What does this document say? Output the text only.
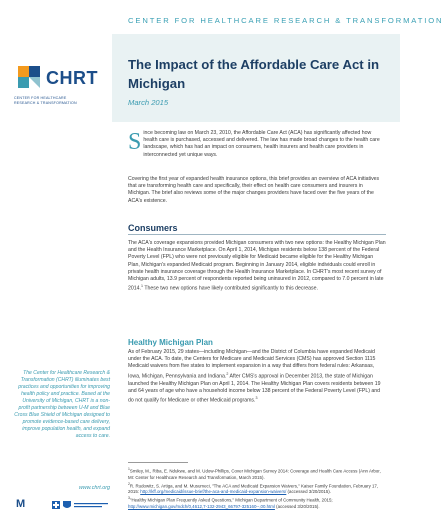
CENTER FOR HEALTHCARE RESEARCH & TRANSFORMATION
CHRT
CENTER FOR HEALTHCARE
RESEARCH & TRANSFORMATION
The Impact of the Affordable Care Act in Michigan
March 2015
Since becoming law on March 23, 2010, the Affordable Care Act (ACA) has significantly affected how health care is purchased, accessed and delivered. The law has made broad changes to the health care landscape, which has had an impact on consumers, health insurers and health care providers in interconnected yet unique ways.
Covering the first year of expanded health insurance options, this brief provides an overview of ACA initiatives that are transforming health care and specifically, their effect on health care consumers and insurers in Michigan. The brief also reviews some of the major changes providers have faced over the five years of the ACA's existence.
Consumers
The ACA's coverage expansions provided Michigan consumers with two new options: the Healthy Michigan Plan and the Health Insurance Marketplace. On April 1, 2014, Michigan residents below 138 percent of the Federal Poverty Level (FPL) who were not previously eligible for Medicaid became eligible for the Healthy Michigan Plan, Michigan's expanded Medicaid program. Beginning in January 2014, eligible individuals could enroll in private health insurance coverage through the Health Insurance Marketplace. In CHRT's most recent survey of Michigan adults, 13.9 percent of respondents reported being uninsured in 2012, compared to 7.0 percent in late 2014.$^1$ These two new options have likely contributed significantly to this decrease.
Healthy Michigan Plan
As of February 2015, 29 states—including Michigan—and the District of Columbia have expanded Medicaid under the ACA. To date, the Centers for Medicare and Medicaid Services (CMS) has approved Section 1115 Medicaid waivers from five states to implement expansion in a way that differs from federal rules: Arkansas, Iowa, Michigan, Pennsylvania and Indiana.$^2$ After CMS's approval in December 2013, the state of Michigan launched the Healthy Michigan Plan on April 1, 2014. The Healthy Michigan Plan covers residents between 19 and 64 years of age who have a household income below 138 percent of the Federal Poverty Level (FPL) and do not qualify for Medicare or other Medicaid programs.$^3$
The Center for Healthcare Research & Transformation (CHRT) illuminates best practices and opportunities for improving health policy and practice. Based at the University of Michigan, CHRT is a non-profit partnership between U-M and Blue Cross Blue Shield of Michigan designed to promote evidence-based care delivery, improve population health, and expand access to care.
www.chrt.org
$^1$Smiley, M., Riba, E. Ndukwe, and M. Udow-Phillips, Cover Michigan Survey 2014: Coverage and Health Care Access (Ann Arbor, MI: Center for Healthcare Research and Transformation, March 2015).
$^2$R. Rudowitz, S. Artiga, and M. Musumeci, "The ACA and Medicaid Expansion Waivers," Kaiser Family Foundation, February 17, 2015: http://kff.org/medicaid/issue-brief/the-aca-and-medicaid-expansion-waivers/ (accessed 3/20/2015).
$^3$"Healthy Michigan Plan Frequently Asked Questions," Michigan Department of Community Health, 2015; http://www.michigan.gov/mdch/0,4612,7-132-2943_66797-325160--,00.html (accessed 3/20/2015).
M
